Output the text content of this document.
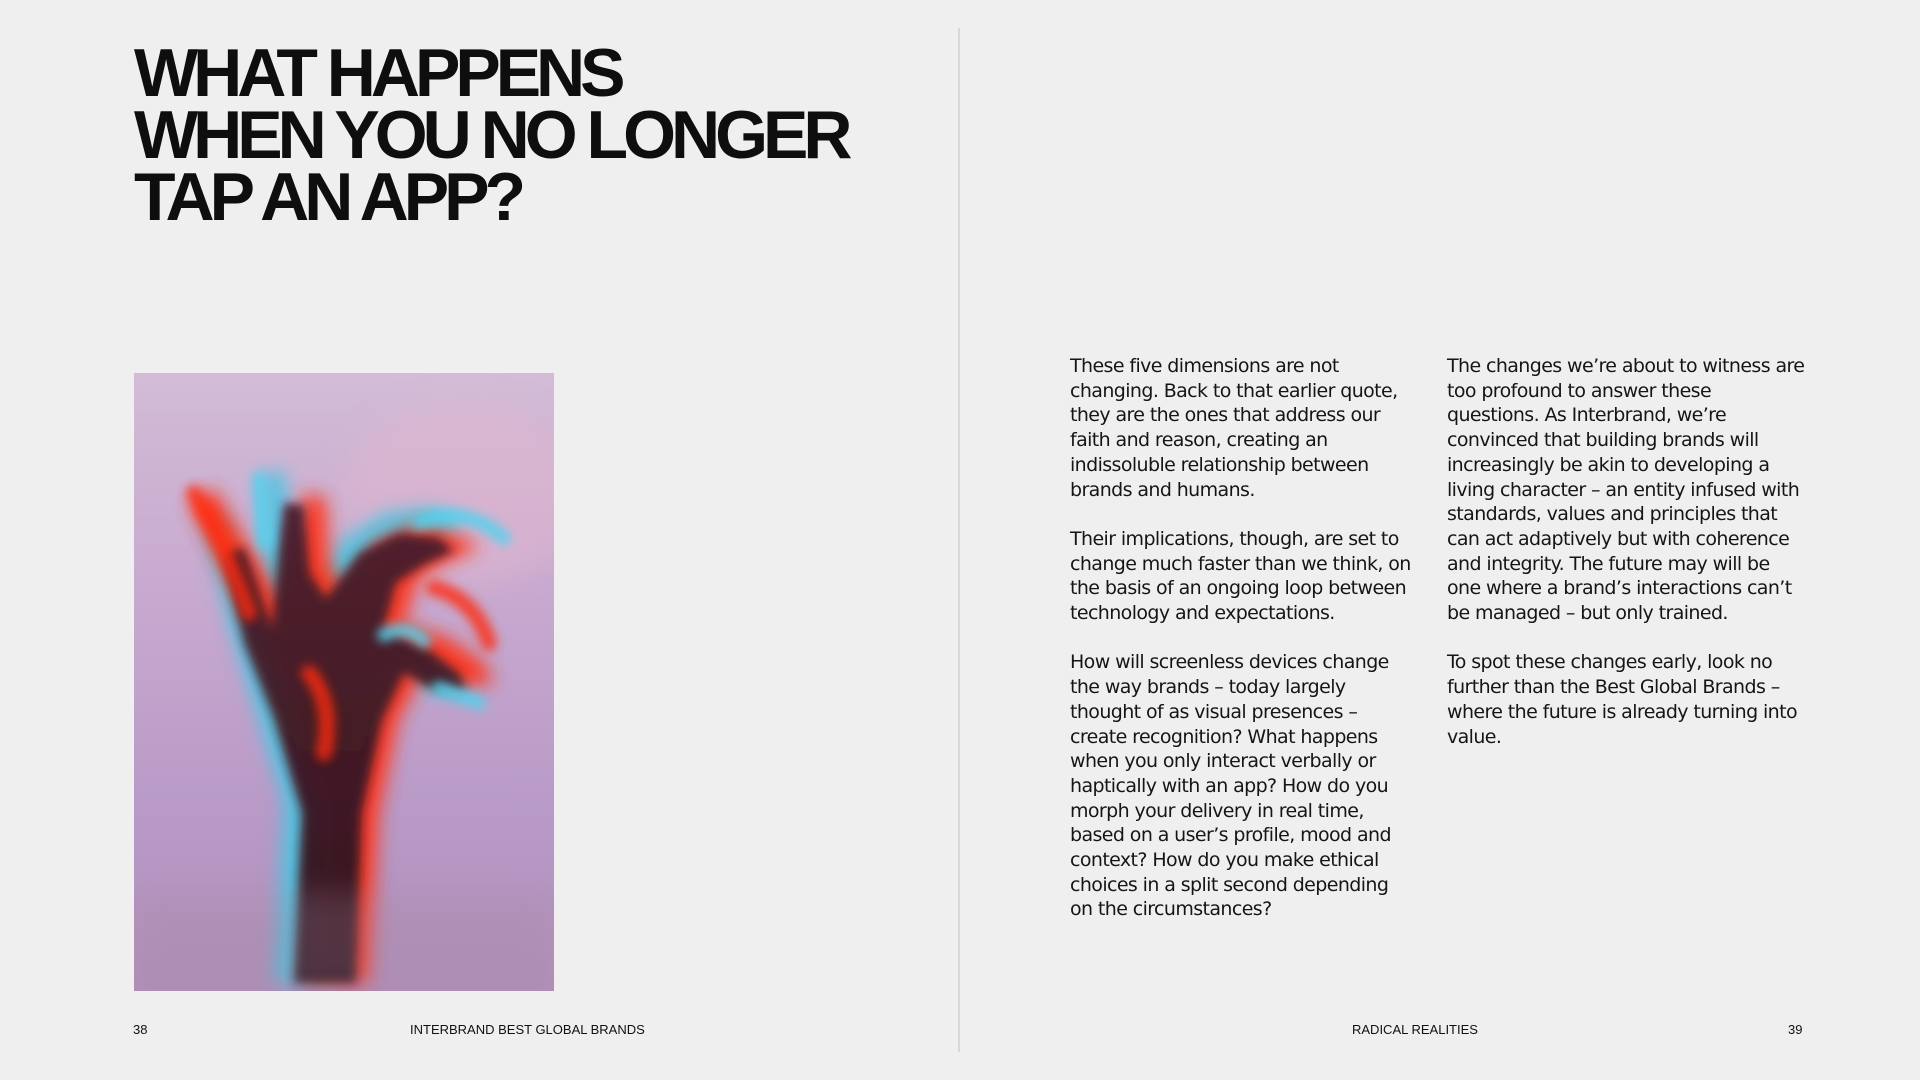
WHAT HAPPENS
WHEN YOU NO LONGER
TAP AN APP?

These five dimensions are not changing. Back to that earlier quote, they are the ones that address our faith and reason, creating an indissoluble relationship between brands and humans.

Their implications, though, are set to change much faster than we think, on the basis of an ongoing loop between technology and expectations.

How will screenless devices change the way brands – today largely thought of as visual presences – create recognition? What happens when you only interact verbally or haptically with an app? How do you morph your delivery in real time, based on a user’s profile, mood and context? How do you make ethical choices in a split second depending on the circumstances?

The changes we’re about to witness are too profound to answer these questions. As Interbrand, we’re convinced that building brands will increasingly be akin to developing a living character – an entity infused with standards, values and principles that can act adaptively but with coherence and integrity. The future may will be one where a brand’s interactions can’t be managed – but only trained.

To spot these changes early, look no further than the Best Global Brands – where the future is already turning into value.

38	INTERBRAND BEST GLOBAL BRANDS	RADICAL REALITIES	39
